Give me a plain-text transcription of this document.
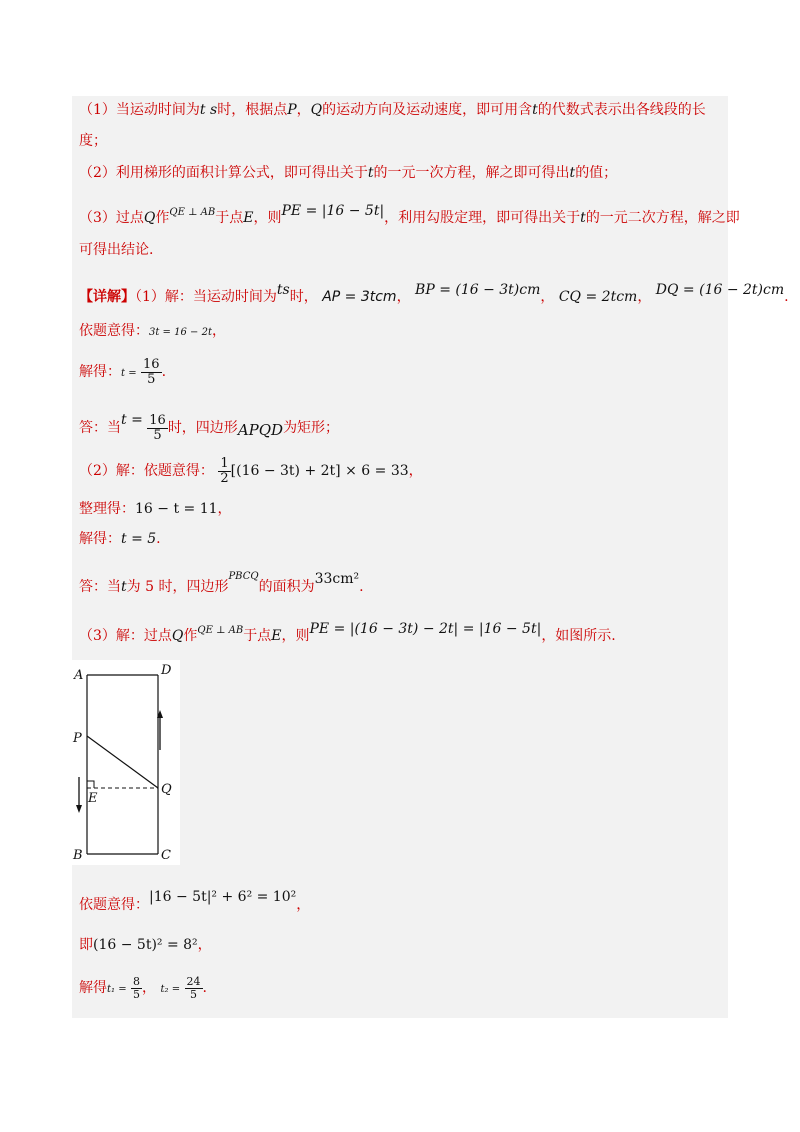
（1）当运动时间为t s时，根据点P，Q的运动方向及运动速度，即可用含t的代数式表示出各线段的长
度；
（2）利用梯形的面积计算公式，即可得出关于t的一元一次方程，解之即可得出t的值；
（3）过点Q作$^{QE \perp AB}$于点E，则PE = |16 − 5t|，利用勾股定理，即可得出关于t的一元二次方程，解之即
可得出结论.
【详解】（1）解：当运动时间为ts时， AP = 3tcm， BP = (16 − 3t)cm， CQ = 2tcm， DQ = (16 − 2t)cm.
依题意得：3t = 16 − 2t，
解得：$t = \frac{16}{5}$ .
答：当$t = \frac{16}{5}$ 时，四边形APQD为矩形；
（2）解：依题意得： $\frac{1}{2} [(16 - 3t) + 2t] \times 6 = 33$，
整理得：16 − t = 11，
解得：t = 5.
答：当t为 5 时，四边形$^{PBCQ}$的面积为33cm².
（3）解：过点Q作$^{QE \perp AB}$于点E，则PE = |(16 − 3t) − 2t| = |16 − 5t|，如图所示.
A	D
P
E
Q
B	C
依题意得：|16 − 5t|² + 6² = 10²，
即(16 − 5t)² = 8²，
解得$t_1 = \frac{8}{5}$ ， $t_2 = \frac{24}{5}$ .
